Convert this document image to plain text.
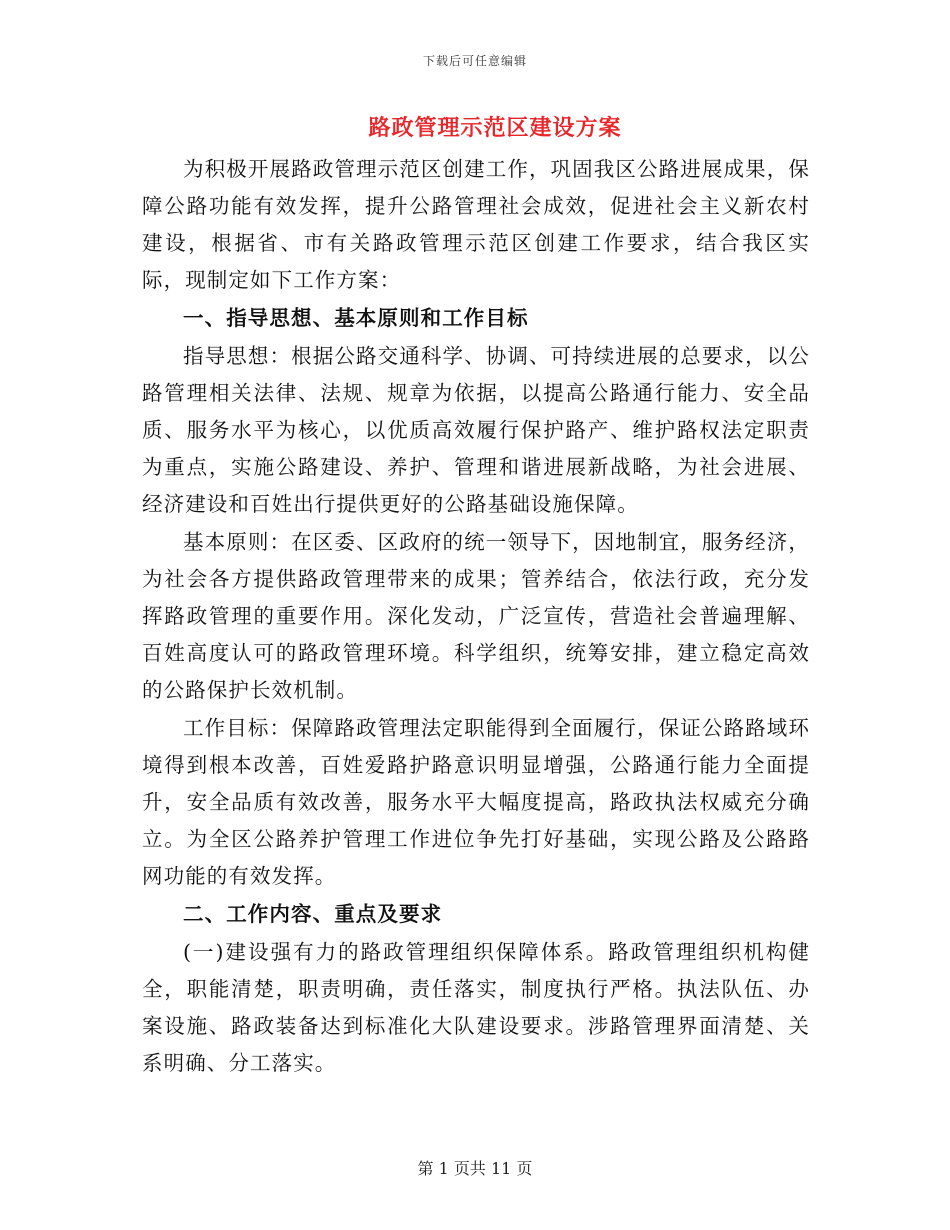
下载后可任意编辑
路政管理示范区建设方案

为积极开展路政管理示范区创建工作，巩固我区公路进展成果，保障公路功能有效发挥，提升公路管理社会成效，促进社会主义新农村建设，根据省、市有关路政管理示范区创建工作要求，结合我区实际，现制定如下工作方案：

一、指导思想、基本原则和工作目标

指导思想：根据公路交通科学、协调、可持续进展的总要求，以公路管理相关法律、法规、规章为依据，以提高公路通行能力、安全品质、服务水平为核心，以优质高效履行保护路产、维护路权法定职责为重点，实施公路建设、养护、管理和谐进展新战略，为社会进展、经济建设和百姓出行提供更好的公路基础设施保障。

基本原则：在区委、区政府的统一领导下，因地制宜，服务经济，为社会各方提供路政管理带来的成果；管养结合，依法行政，充分发挥路政管理的重要作用。深化发动，广泛宣传，营造社会普遍理解、百姓高度认可的路政管理环境。科学组织，统筹安排，建立稳定高效的公路保护长效机制。

工作目标：保障路政管理法定职能得到全面履行，保证公路路域环境得到根本改善，百姓爱路护路意识明显增强，公路通行能力全面提升，安全品质有效改善，服务水平大幅度提高，路政执法权威充分确立。为全区公路养护管理工作进位争先打好基础，实现公路及公路路网功能的有效发挥。

二、工作内容、重点及要求

(一)建设强有力的路政管理组织保障体系。路政管理组织机构健全，职能清楚，职责明确，责任落实，制度执行严格。执法队伍、办案设施、路政装备达到标准化大队建设要求。涉路管理界面清楚、关系明确、分工落实。

第 1 页共 11 页
